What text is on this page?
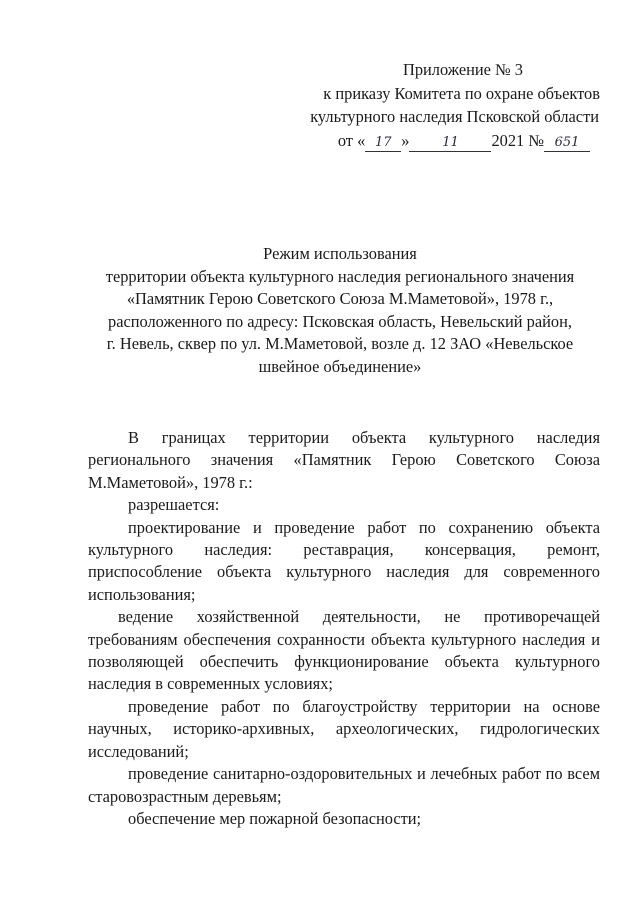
Приложение № 3
к приказу Комитета по охране объектов
культурного наследия Псковской области
от « 17 »	11 2021 № 651
Режим использования
территории объекта культурного наследия регионального значения
«Памятник Герою Советского Союза М.Маметовой», 1978 г.,
расположенного по адресу: Псковская область, Невельский район,
г. Невель, сквер по ул. М.Маметовой, возле д. 12 ЗАО «Невельское
швейное объединение»

В границах территории объекта культурного наследия регионального значения «Памятник Герою Советского Союза М.Маметовой», 1978 г.:

разрешается:

проектирование и проведение работ по сохранению объекта культурного наследия: реставрация, консервация, ремонт, приспособление объекта культурного наследия для современного использования;

ведение хозяйственной деятельности, не противоречащей требованиям обеспечения сохранности объекта культурного наследия и позволяющей обеспечить функционирование объекта культурного наследия в современных условиях;

проведение работ по благоустройству территории на основе научных, историко-архивных, археологических, гидрологических исследований;

проведение санитарно-оздоровительных и лечебных работ по всем старовозрастным деревьям;

обеспечение мер пожарной безопасности;
